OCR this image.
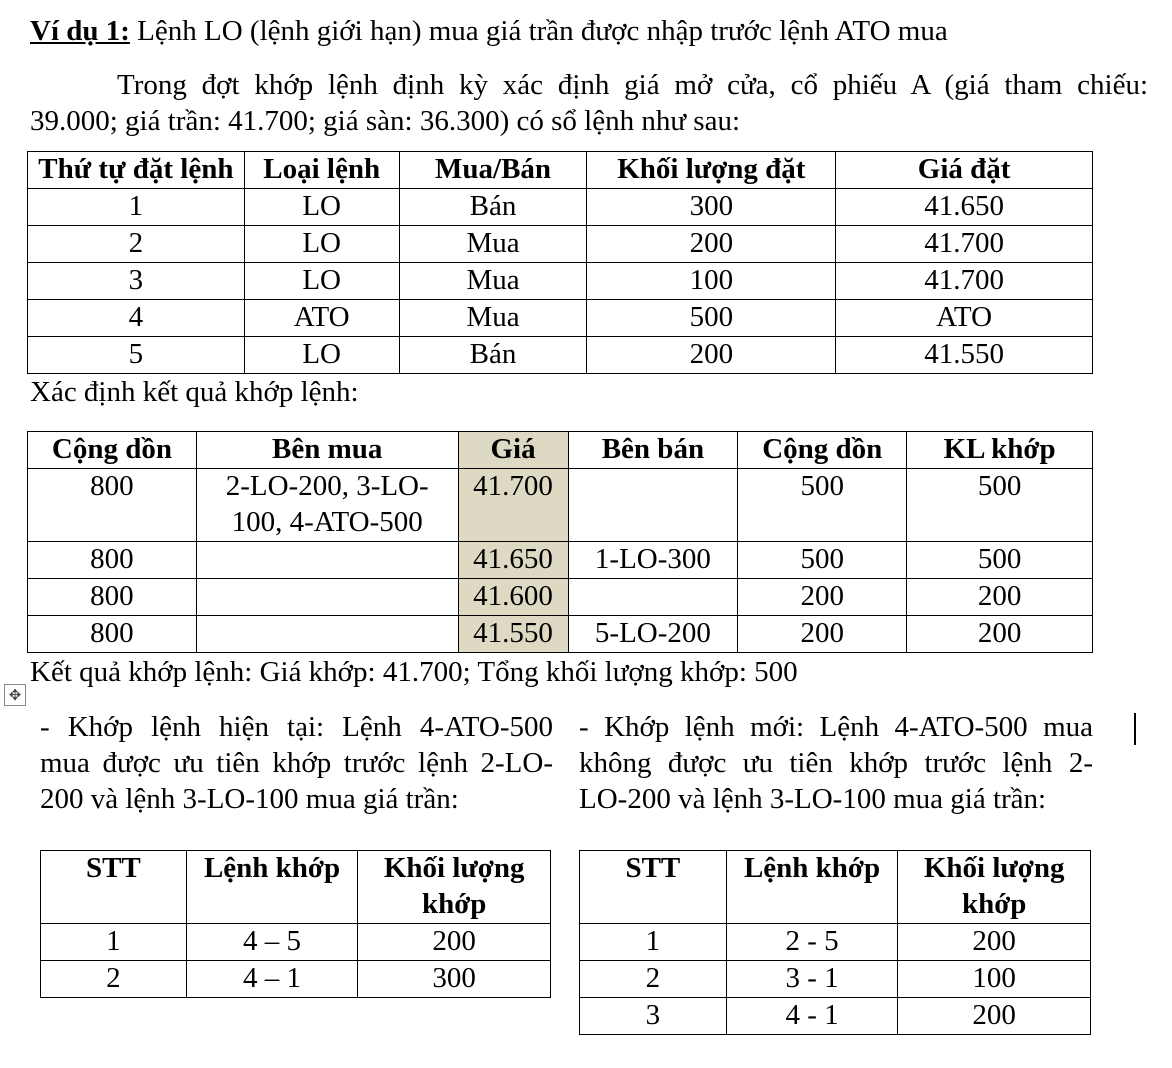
Ví dụ 1: Lệnh LO (lệnh giới hạn) mua giá trần được nhập trước lệnh ATO mua
Trong đợt khớp lệnh định kỳ xác định giá mở cửa, cổ phiếu A (giá tham chiếu:
39.000; giá trần: 41.700; giá sàn: 36.300) có sổ lệnh như sau:
Thứ tự đặt lệnh	Loại lệnh	Mua/Bán	Khối lượng đặt	Giá đặt
1	LO	Bán	300	41.650
2	LO	Mua	200	41.700
3	LO	Mua	100	41.700
4	ATO	Mua	500	ATO
5	LO	Bán	200	41.550
Xác định kết quả khớp lệnh:
Cộng dồn	Bên mua	Giá	Bên bán	Cộng dồn	KL khớp
800	2-LO-200, 3-LO-
100, 4-ATO-500	41.700		500	500
800		41.650	1-LO-300	500	500
800		41.600		200	200
800		41.550	5-LO-200	200	200
Kết quả khớp lệnh: Giá khớp: 41.700; Tổng khối lượng khớp: 500
✥
- Khớp lệnh hiện tại: Lệnh 4-ATO-500
mua được ưu tiên khớp trước lệnh 2-LO-
200 và lệnh 3-LO-100 mua giá trần:
- Khớp lệnh mới: Lệnh 4-ATO-500 mua
không được ưu tiên khớp trước lệnh 2-
LO-200 và lệnh 3-LO-100 mua giá trần:
STT	Lệnh khớp	Khối lượng khớp
1	4 – 5	200
2	4 – 1	300
STT	Lệnh khớp	Khối lượng khớp
1	2 - 5	200
2	3 - 1	100
3	4 - 1	200
